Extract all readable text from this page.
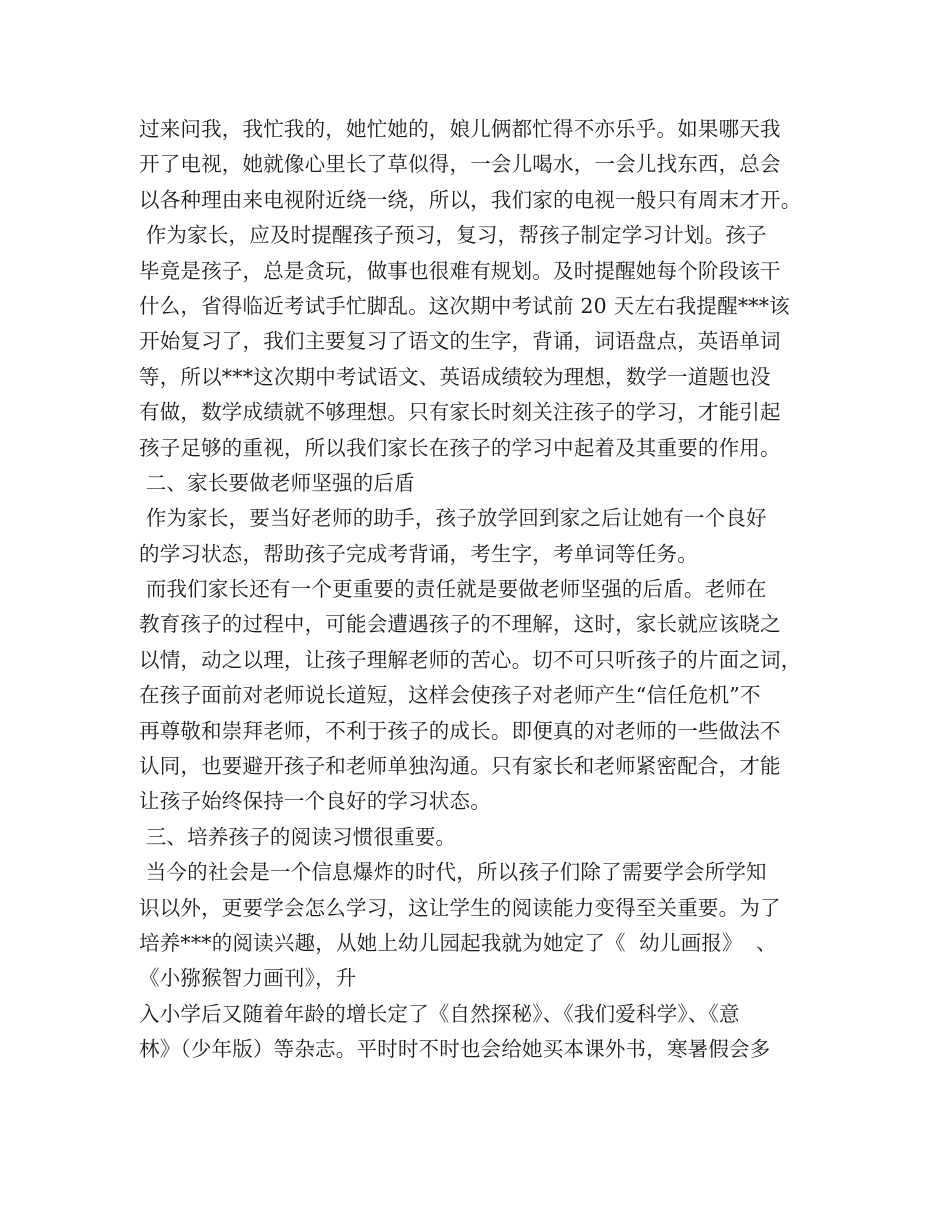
过来问我，我忙我的，她忙她的，娘儿俩都忙得不亦乐乎。如果哪天我
开了电视，她就像心里长了草似得，一会儿喝水，一会儿找东西，总会
以各种理由来电视附近绕一绕，所以，我们家的电视一般只有周末才开。
作为家长，应及时提醒孩子预习，复习，帮孩子制定学习计划。孩子
毕竟是孩子，总是贪玩，做事也很难有规划。及时提醒她每个阶段该干
什么，省得临近考试手忙脚乱。这次期中考试前 20 天左右我提醒***该
开始复习了，我们主要复习了语文的生字，背诵，词语盘点，英语单词
等，所以***这次期中考试语文、英语成绩较为理想，数学一道题也没
有做，数学成绩就不够理想。只有家长时刻关注孩子的学习，才能引起
孩子足够的重视，所以我们家长在孩子的学习中起着及其重要的作用。
二、家长要做老师坚强的后盾
作为家长，要当好老师的助手，孩子放学回到家之后让她有一个良好
的学习状态，帮助孩子完成考背诵，考生字，考单词等任务。
而我们家长还有一个更重要的责任就是要做老师坚强的后盾。老师在
教育孩子的过程中，可能会遭遇孩子的不理解，这时，家长就应该晓之
以情，动之以理，让孩子理解老师的苦心。切不可只听孩子的片面之词，
在孩子面前对老师说长道短，这样会使孩子对老师产生“信任危机”不
再尊敬和崇拜老师，不利于孩子的成长。即便真的对老师的一些做法不
认同，也要避开孩子和老师单独沟通。只有家长和老师紧密配合，才能
让孩子始终保持一个良好的学习状态。
三、培养孩子的阅读习惯很重要。
当今的社会是一个信息爆炸的时代，所以孩子们除了需要学会所学知
识以外，更要学会怎么学习，这让学生的阅读能力变得至关重要。为了
培养***的阅读兴趣，从她上幼儿园起我就为她定了《  幼儿画报》  、
《小猕猴智力画刊》，升
入小学后又随着年龄的增长定了《自然探秘》、《我们爱科学》、《意
林》（少年版）等杂志。平时时不时也会给她买本课外书，寒暑假会多
